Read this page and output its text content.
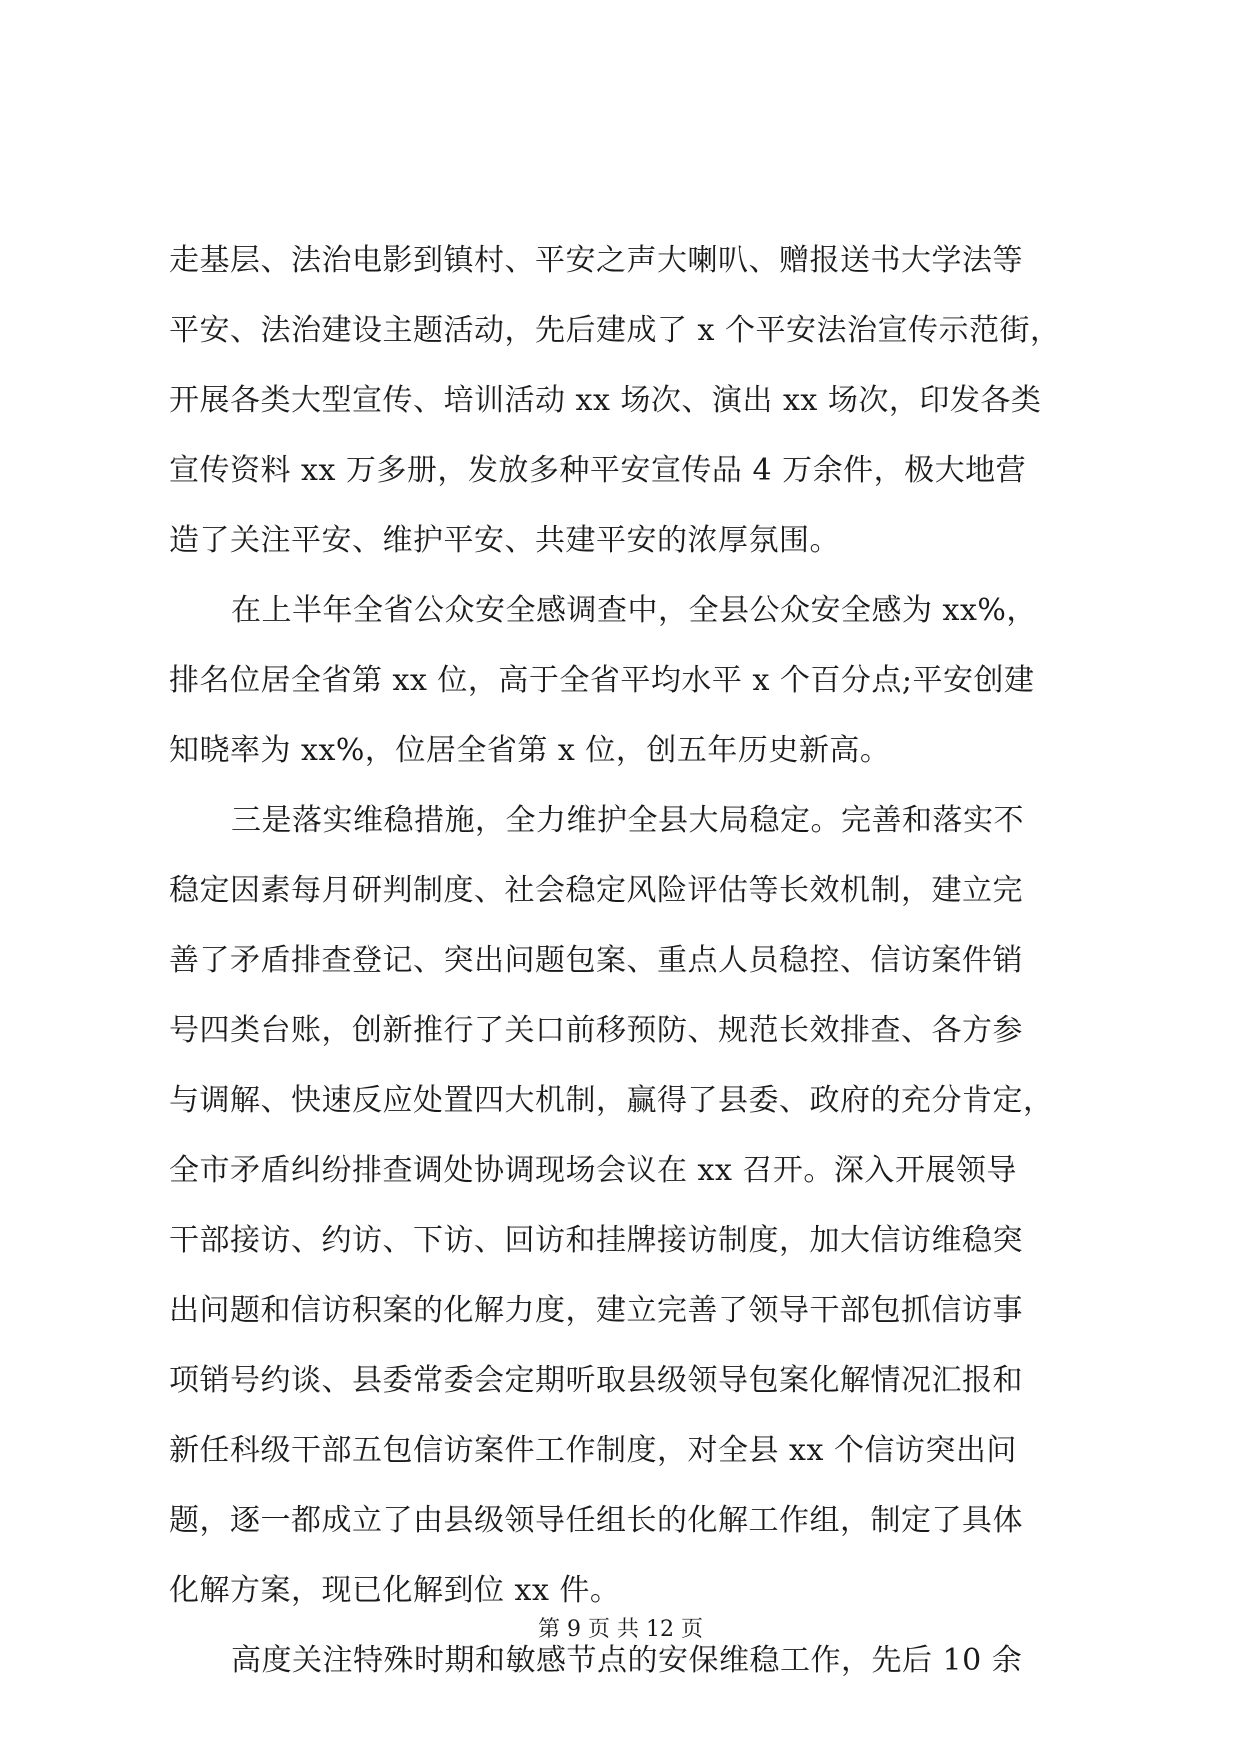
走基层、法治电影到镇村、平安之声大喇叭、赠报送书大学法等
平安、法治建设主题活动，先后建成了 x 个平安法治宣传示范街，
开展各类大型宣传、培训活动 xx 场次、演出 xx 场次，印发各类
宣传资料 xx 万多册，发放多种平安宣传品 4 万余件，极大地营
造了关注平安、维护平安、共建平安的浓厚氛围。
在上半年全省公众安全感调查中，全县公众安全感为 xx%，
排名位居全省第 xx 位，高于全省平均水平 x 个百分点;平安创建
知晓率为 xx%，位居全省第 x 位，创五年历史新高。
三是落实维稳措施，全力维护全县大局稳定。完善和落实不
稳定因素每月研判制度、社会稳定风险评估等长效机制，建立完
善了矛盾排查登记、突出问题包案、重点人员稳控、信访案件销
号四类台账，创新推行了关口前移预防、规范长效排查、各方参
与调解、快速反应处置四大机制，赢得了县委、政府的充分肯定，
全市矛盾纠纷排查调处协调现场会议在 xx 召开。深入开展领导
干部接访、约访、下访、回访和挂牌接访制度，加大信访维稳突
出问题和信访积案的化解力度，建立完善了领导干部包抓信访事
项销号约谈、县委常委会定期听取县级领导包案化解情况汇报和
新任科级干部五包信访案件工作制度，对全县 xx 个信访突出问
题，逐一都成立了由县级领导任组长的化解工作组，制定了具体
化解方案，现已化解到位 xx 件。
高度关注特殊时期和敏感节点的安保维稳工作，先后 10 余
第 9 页 共 12 页
